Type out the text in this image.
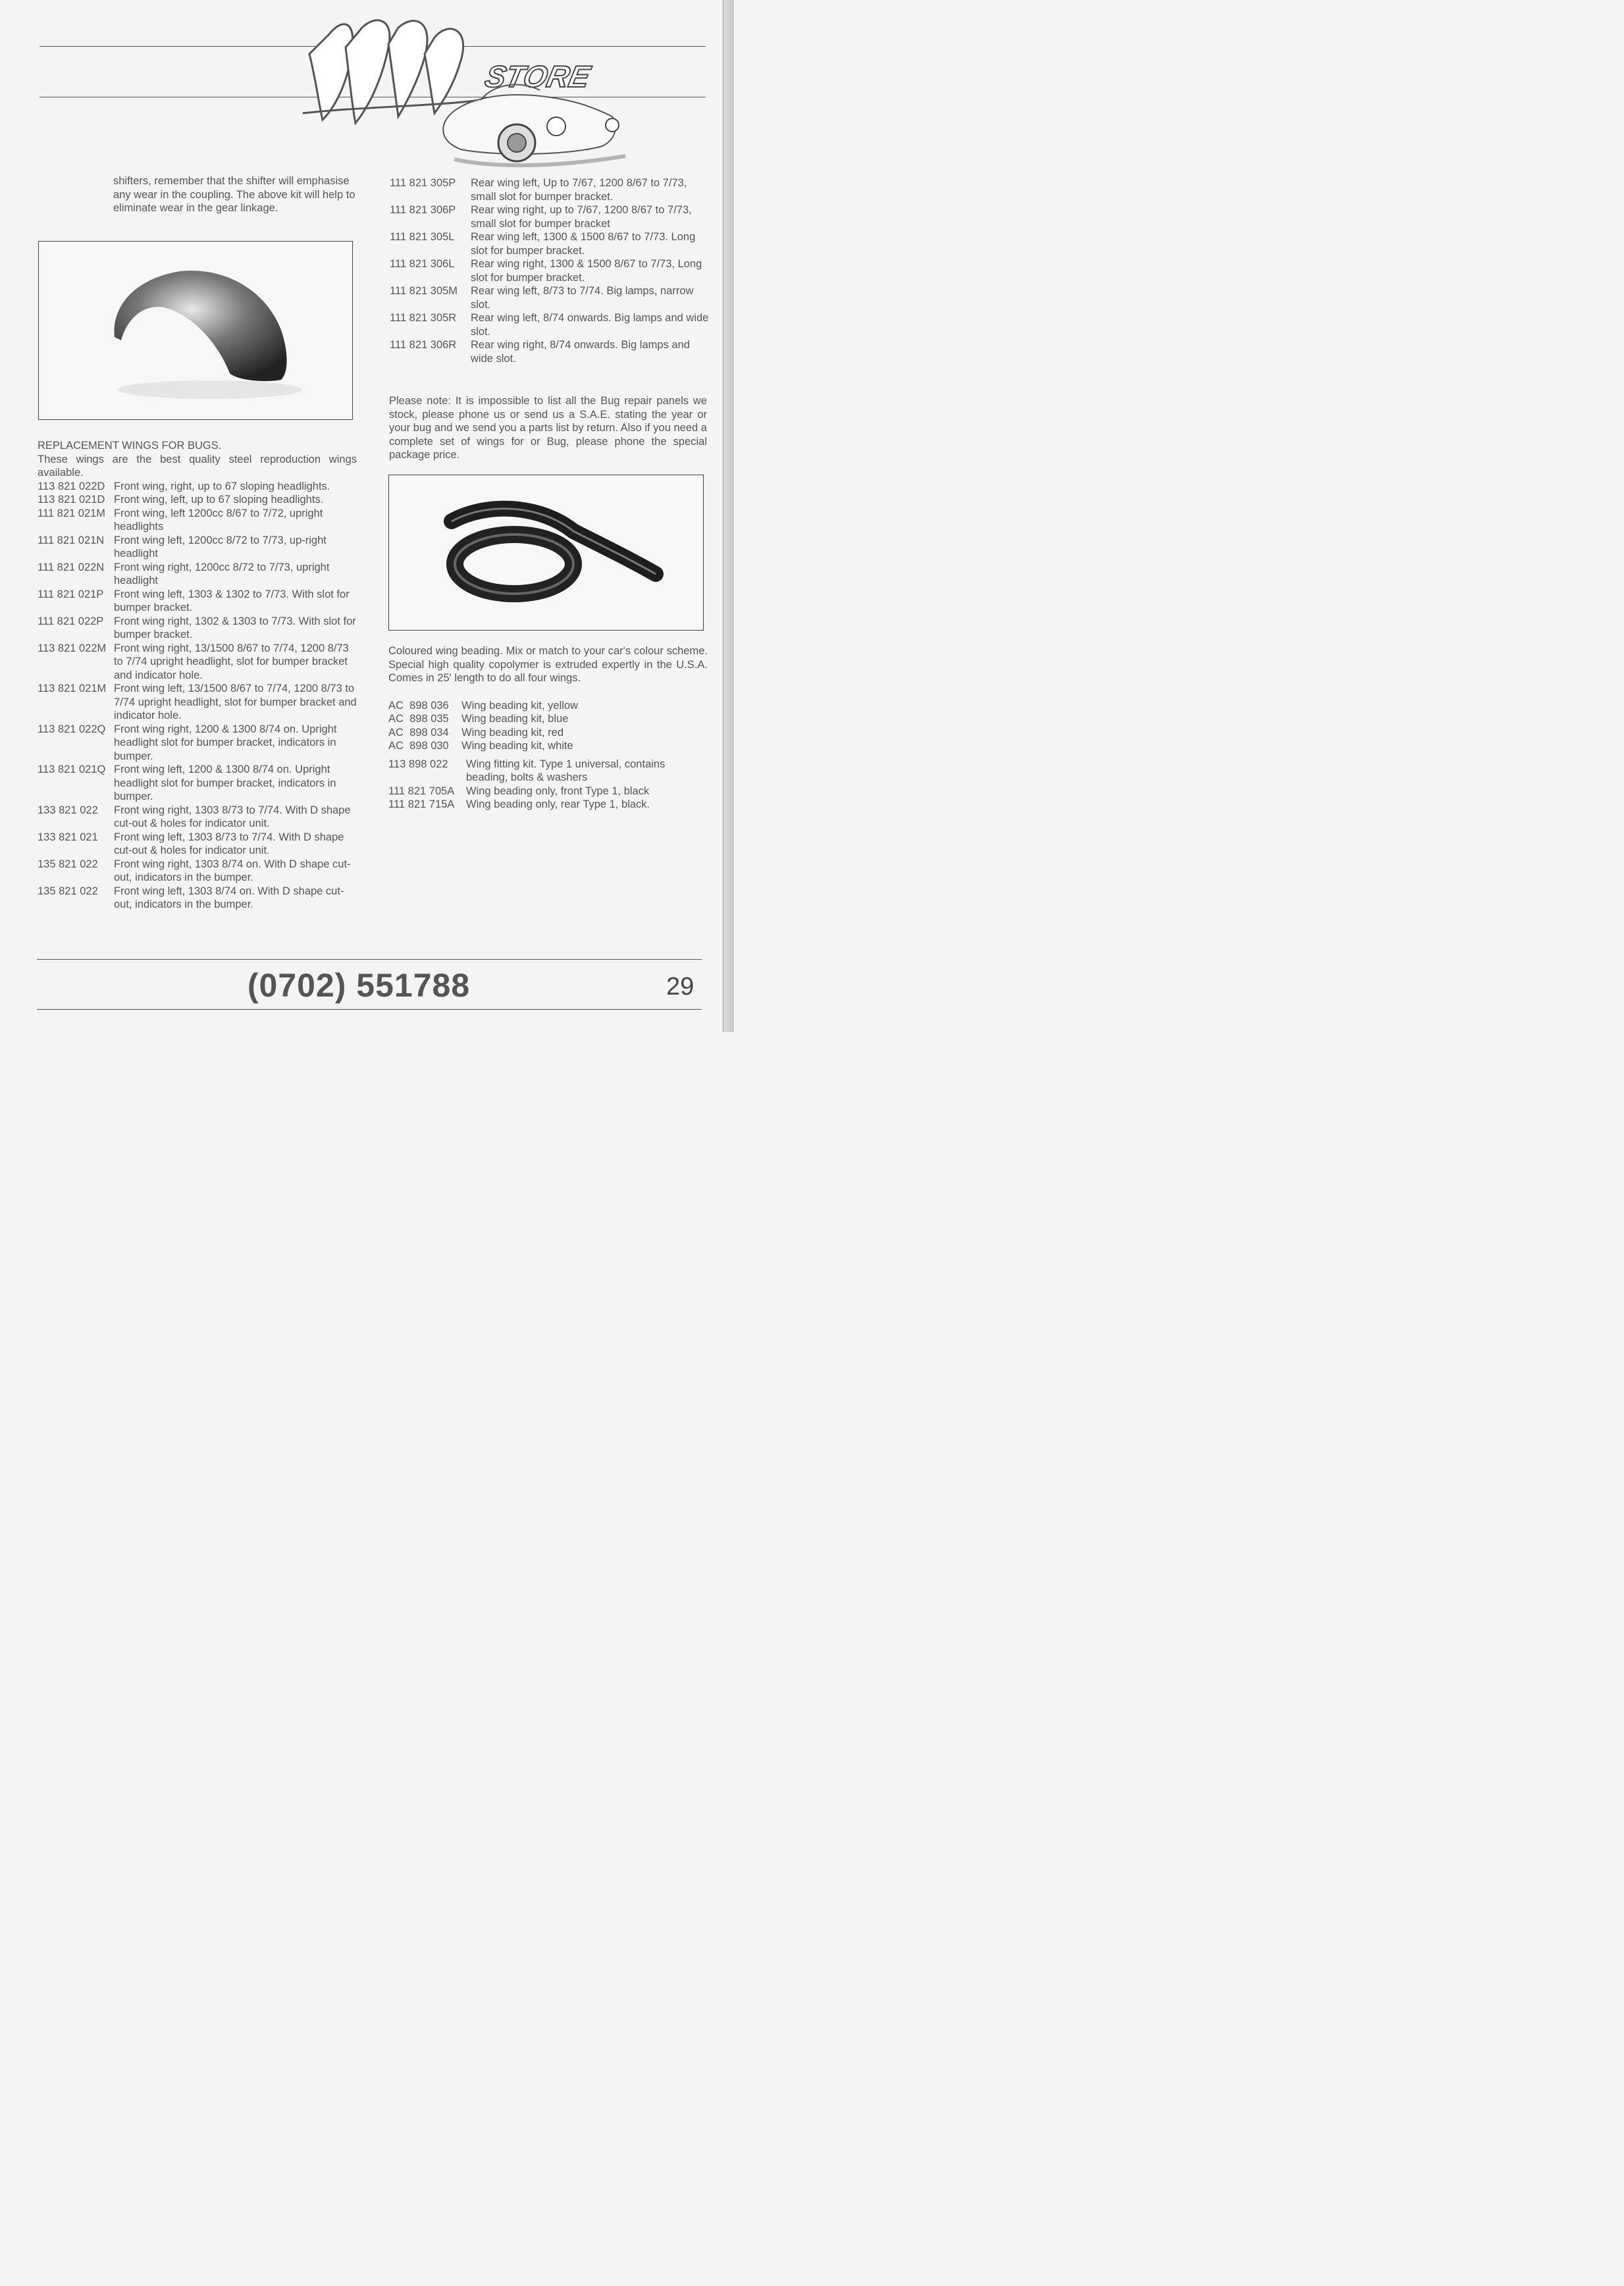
STORE

shifters, remember that the shifter will emphasise any wear in the coupling. The above kit will help to eliminate wear in the gear linkage.

REPLACEMENT WINGS FOR BUGS.

These wings are the best quality steel reproduction wings available.

113 821 022D Front wing, right, up to 67 sloping headlights.
113 821 021D Front wing, left, up to 67 sloping headlights.
111 821 021M Front wing, left 1200cc 8/67 to 7/72, upright headlights
111 821 021N Front wing left, 1200cc 8/72 to 7/73, up-right headlight
111 821 022N Front wing right, 1200cc 8/72 to 7/73, upright headlight
111 821 021P Front wing left, 1303 & 1302 to 7/73. With slot for bumper bracket.
111 821 022P Front wing right, 1302 & 1303 to 7/73. With slot for bumper bracket.
113 821 022M Front wing right, 13/1500 8/67 to 7/74, 1200 8/73 to 7/74 upright headlight, slot for bumper bracket and indicator hole.
113 821 021M Front wing left, 13/1500 8/67 to 7/74, 1200 8/73 to 7/74 upright headlight, slot for bumper bracket and indicator hole.
113 821 022Q Front wing right, 1200 & 1300 8/74 on. Upright headlight slot for bumper bracket, indicators in bumper.
113 821 021Q Front wing left, 1200 & 1300 8/74 on. Upright headlight slot for bumper bracket, indicators in bumper.
133 821 022	Front wing right, 1303 8/73 to 7/74. With D shape cut-out & holes for indicator unit.
133 821 021	Front wing left, 1303 8/73 to 7/74. With D shape cut-out & holes for indicator unit.
135 821 022	Front wing right, 1303 8/74 on. With D shape cut-out, indicators in the bumper.
135 821 022	Front wing left, 1303 8/74 on. With D shape cut-out, indicators in the bumper.
111 821 305P	Rear wing left, Up to 7/67, 1200 8/67 to 7/73, small slot for bumper bracket.
111 821 306P	Rear wing right, up to 7/67, 1200 8/67 to 7/73, small slot for bumper bracket
111 821 305L	Rear wing left, 1300 & 1500 8/67 to 7/73. Long slot for bumper bracket.
111 821 306L	Rear wing right, 1300 & 1500 8/67 to 7/73, Long slot for bumper bracket.
111 821 305M	Rear wing left, 8/73 to 7/74. Big lamps, narrow slot.
111 821 305R	Rear wing left, 8/74 onwards. Big lamps and wide slot.
111 821 306R	Rear wing right, 8/74 onwards. Big lamps and wide slot.

Please note: It is impossible to list all the Bug repair panels we stock, please phone us or send us a S.A.E. stating the year or your bug and we send you a parts list by return. Also if you need a complete set of wings for or Bug, please phone the special package price.

Coloured wing beading. Mix or match to your car's colour scheme. Special high quality copolymer is extruded expertly in the U.S.A. Comes in 25' length to do all four wings.

AC  898 036	Wing beading kit, yellow
AC  898 035	Wing beading kit, blue
AC  898 034	Wing beading kit, red
AC  898 030	Wing beading kit, white
113 898 022	Wing fitting kit. Type 1 universal, contains beading, bolts & washers
111 821 705A	Wing beading only, front Type 1, black
111 821 715A	Wing beading only, rear Type 1, black.
(0702) 551788	29
